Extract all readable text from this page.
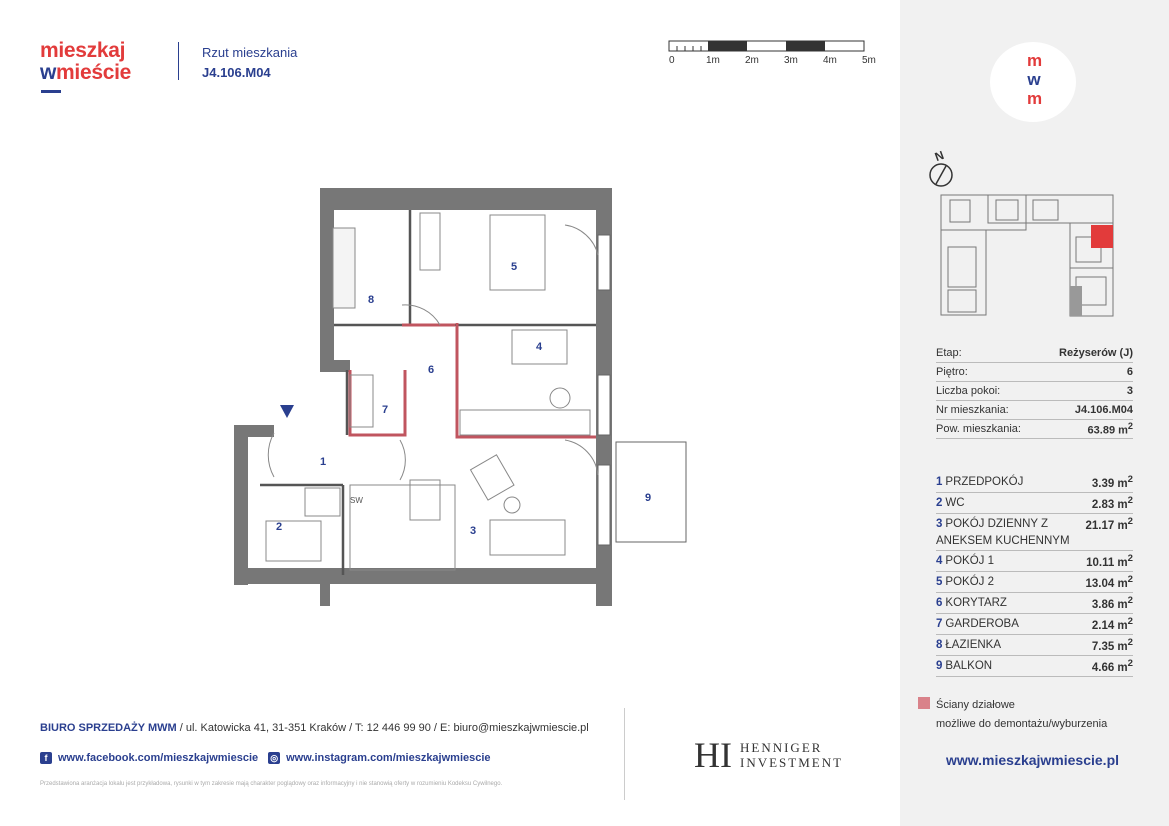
mieszkaj
wmieście
Rzut mieszkania
J4.106.M04
0	1m	2m	3m	4m	5m
1
2	3
4
5
6
7
8
9
SW
m
w
m
N
Etap:	Reżyserów (J)
Piętro:	6
Liczba pokoi:	3
Nr mieszkania:	J4.106.M04
Pow. mieszkania:	63.89 $m^2$
1 PRZEDPOKÓJ	3.39 $m^2$
2 WC	2.83 $m^2$
3 POKÓJ DZIENNY Z ANEKSEM KUCHENNYM
21.17 $m^2$
4 POKÓJ 1	10.11 $m^2$
5 POKÓJ 2	13.04 $m^2$
6 KORYTARZ	3.86 $m^2$
7 GARDEROBA	2.14 $m^2$
8 ŁAZIENKA	7.35 $m^2$
9 BALKON	4.66 $m^2$
Ściany działowe
możliwe do demontażu/wyburzenia
www.mieszkajwmiescie.pl
BIURO SPRZEDAŻY MWM / ul. Katowicka 41, 31-351 Kraków / T: 12 446 99 90 / E: biuro@mieszkajwmiescie.pl
f www.facebook.com/mieszkajwmiescie ◎ www.instagram.com/mieszkajwmiescie
Przedstawiona aranżacja lokalu jest przykładowa, rysunki w tym zakresie mają charakter poglądowy oraz informacyjny i nie stanowią oferty w rozumieniu Kodeksu Cywilnego.
HI HENNIGER
INVESTMENT
